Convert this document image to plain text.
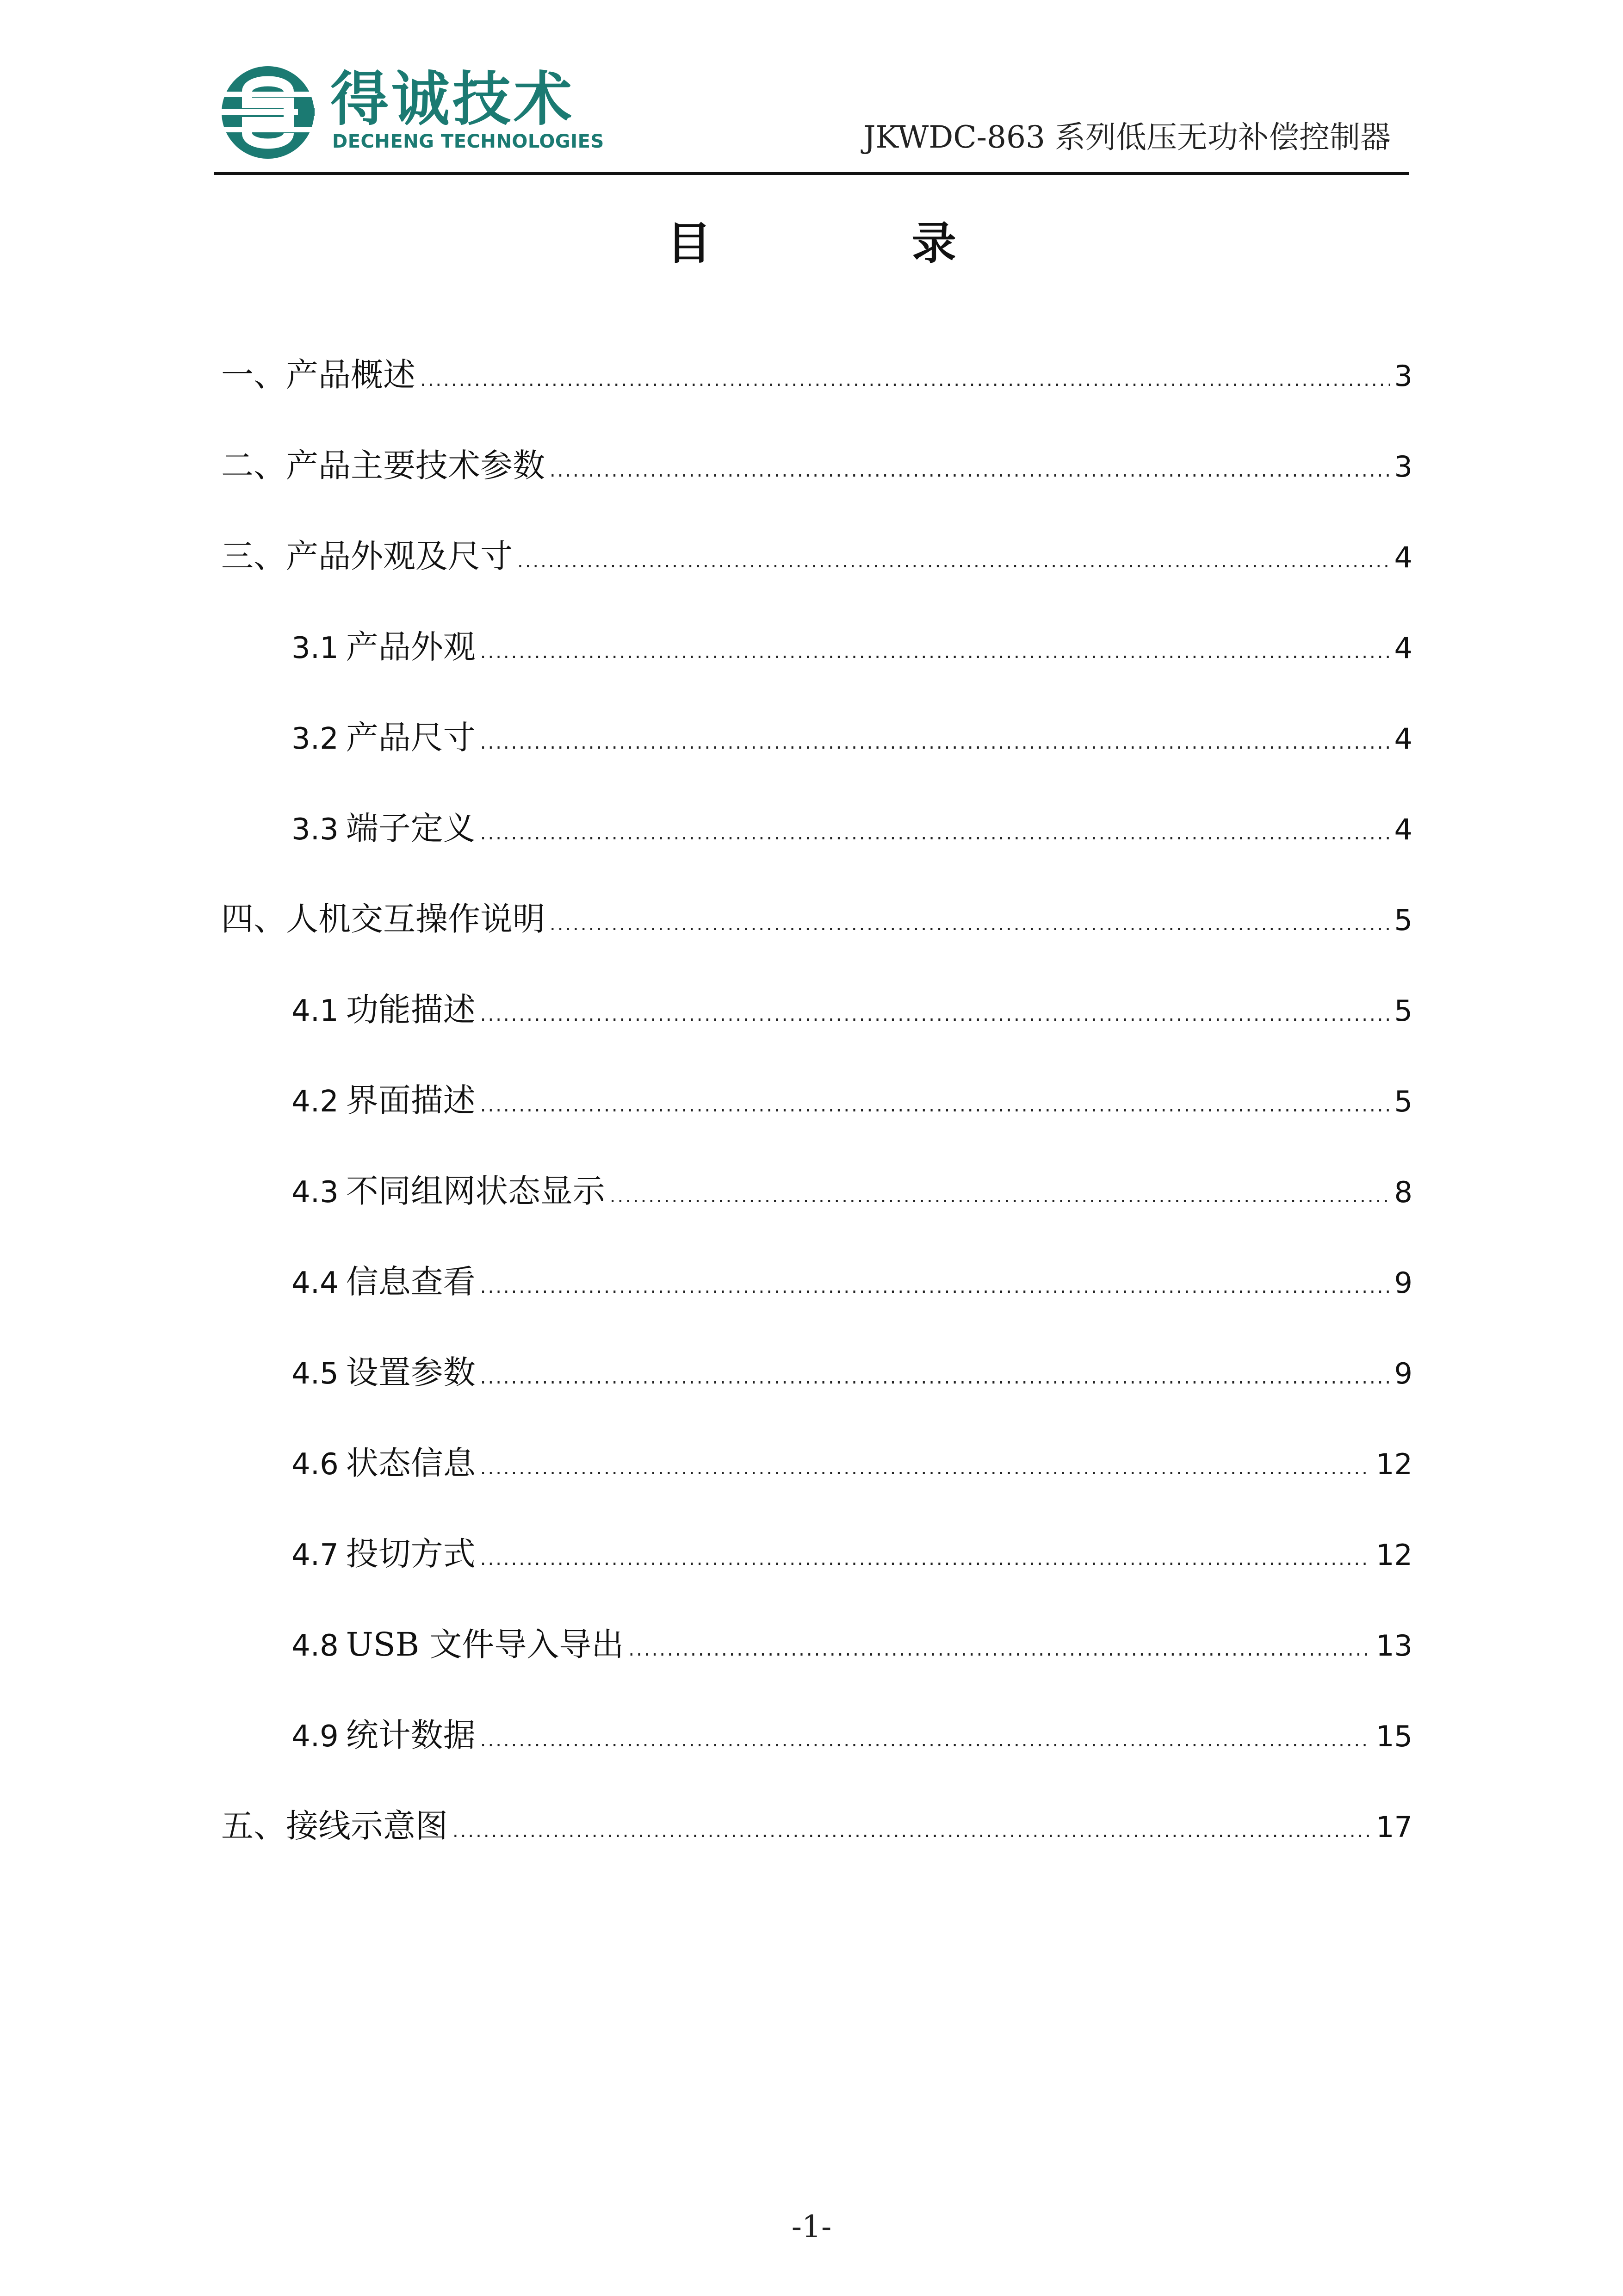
得诚技术
DECHENG TECHNOLOGIES	JKWDC-863 系列低压无功补偿控制器
目 录
一、产品概述 .....	3
二、产品主要技术参数 .....	3
三、产品外观及尺寸 .....	4
3.1 产品外观 .....	4
3.2 产品尺寸 .....	4
3.3 端子定义 .....	4
四、人机交互操作说明 .....	5
4.1 功能描述 .....	5
4.2 界面描述 .....	5
4.3 不同组网状态显示 .....	8
4.4 信息查看 .....	9
4.5 设置参数 .....	9
4.6 状态信息 .....	12
4.7 投切方式 .....	12
4.8 USB 文件导入导出 .....	13
4.9 统计数据 .....	15
五、接线示意图 .....	17
-1-
